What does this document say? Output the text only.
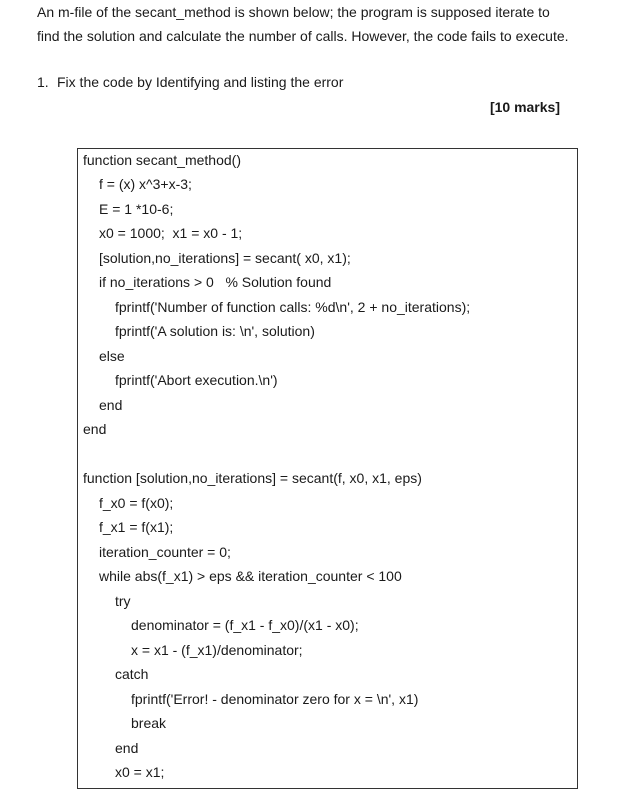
An m-file of the secant_method is shown below; the program is supposed iterate to

find the solution and calculate the number of calls. However, the code fails to execute.

1. Fix the code by Identifying and listing the error
[10 marks]
function secant_method()
f = (x) x^3+x-3;
E = 1 *10-6;
x0 = 1000;  x1 = x0 - 1;
[solution,no_iterations] = secant( x0, x1);
if no_iterations > 0   % Solution found
fprintf('Number of function calls: %d\n', 2 + no_iterations);
fprintf('A solution is: \n', solution)
else
fprintf('Abort execution.\n')
end
end
function [solution,no_iterations] = secant(f, x0, x1, eps)
f_x0 = f(x0);
f_x1 = f(x1);
iteration_counter = 0;
while abs(f_x1) > eps && iteration_counter < 100
try
denominator = (f_x1 - f_x0)/(x1 - x0);
x = x1 - (f_x1)/denominator;
catch
fprintf('Error! - denominator zero for x = \n', x1)
break
end
x0 = x1;
